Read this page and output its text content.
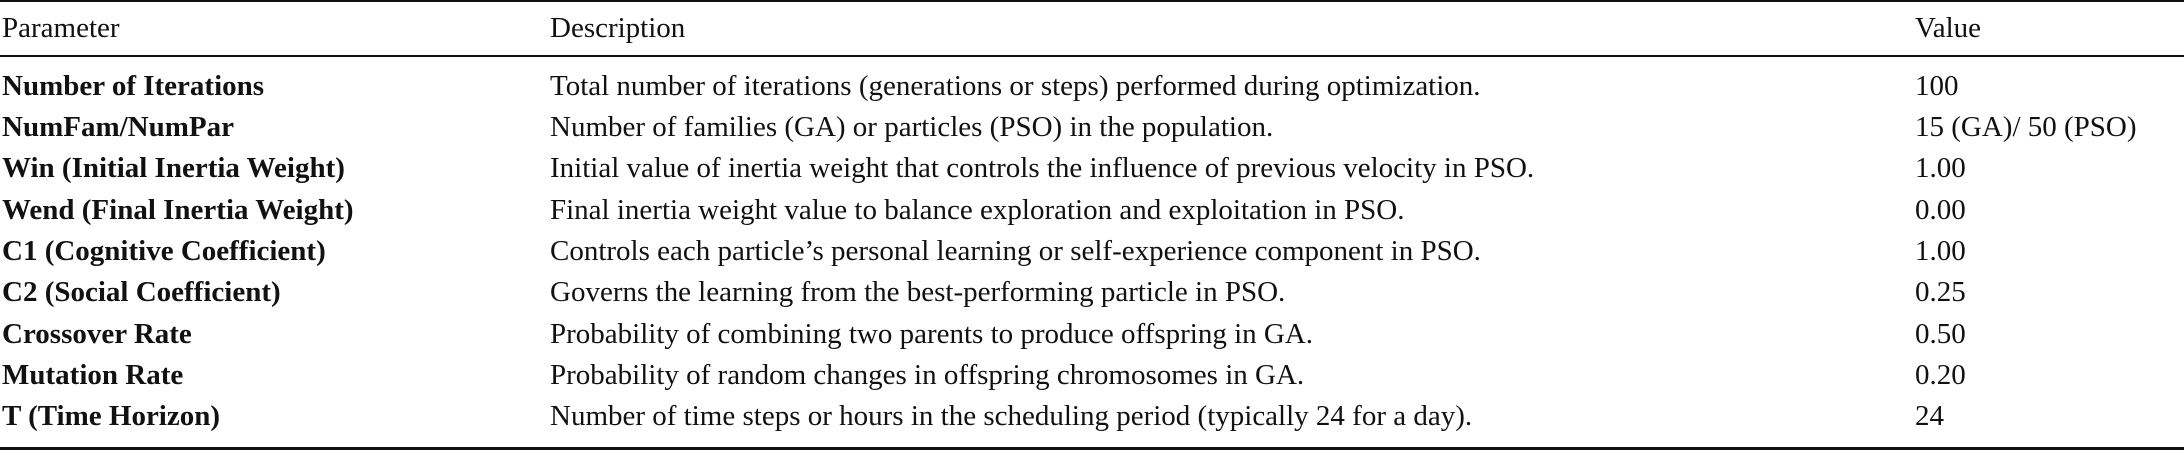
Parameter	Description	Value
Number of Iterations	Total number of iterations (generations or steps) performed during optimization.	100
NumFam/NumPar	Number of families (GA) or particles (PSO) in the population.	15 (GA)/ 50 (PSO)
Win (Initial Inertia Weight)	Initial value of inertia weight that controls the influence of previous velocity in PSO.	1.00
Wend (Final Inertia Weight)	Final inertia weight value to balance exploration and exploitation in PSO.	0.00
C1 (Cognitive Coefficient)	Controls each particle’s personal learning or self-experience component in PSO.	1.00
C2 (Social Coefficient)	Governs the learning from the best-performing particle in PSO.	0.25
Crossover Rate	Probability of combining two parents to produce offspring in GA.	0.50
Mutation Rate	Probability of random changes in offspring chromosomes in GA.	0.20
T (Time Horizon)	Number of time steps or hours in the scheduling period (typically 24 for a day).	24
